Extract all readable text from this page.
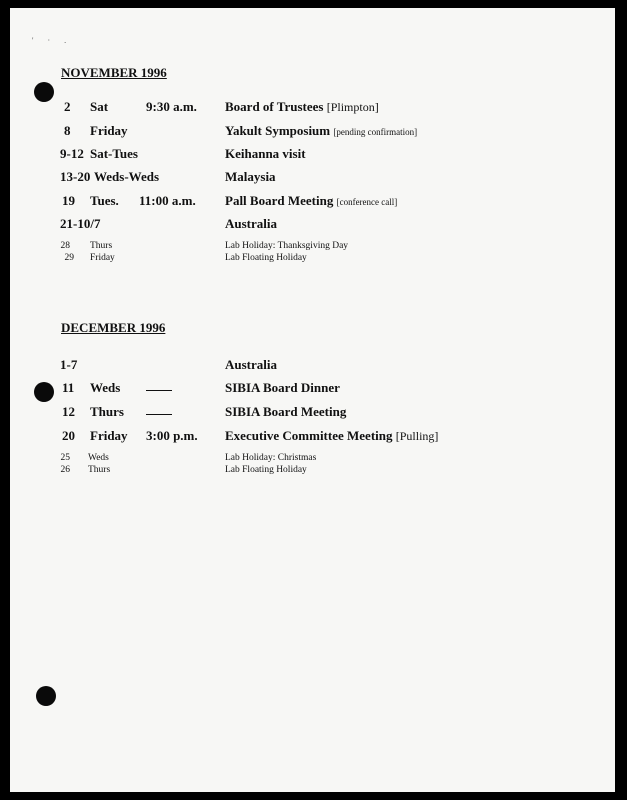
' · .
NOVEMBER 1996
2 Sat	9:30 a.m. Board of Trustees [Plimpton]
8 Friday	Yakult Symposium [pending confirmation]
9-12 Sat-Tues	Keihanna visit
13-20 Weds-Weds	Malaysia
19 Tues. 11:00 a.m. Pall Board Meeting [conference call]
21-10/7	Australia
28 Thurs	Lab Holiday: Thanksgiving Day
29 Friday	Lab Floating Holiday
DECEMBER 1996
1-7	Australia
11 Weds	SIBIA Board Dinner
12 Thurs	SIBIA Board Meeting
20 Friday 3:00 p.m. Executive Committee Meeting [Pulling]
25 Weds	Lab Holiday: Christmas
26 Thurs	Lab Floating Holiday
